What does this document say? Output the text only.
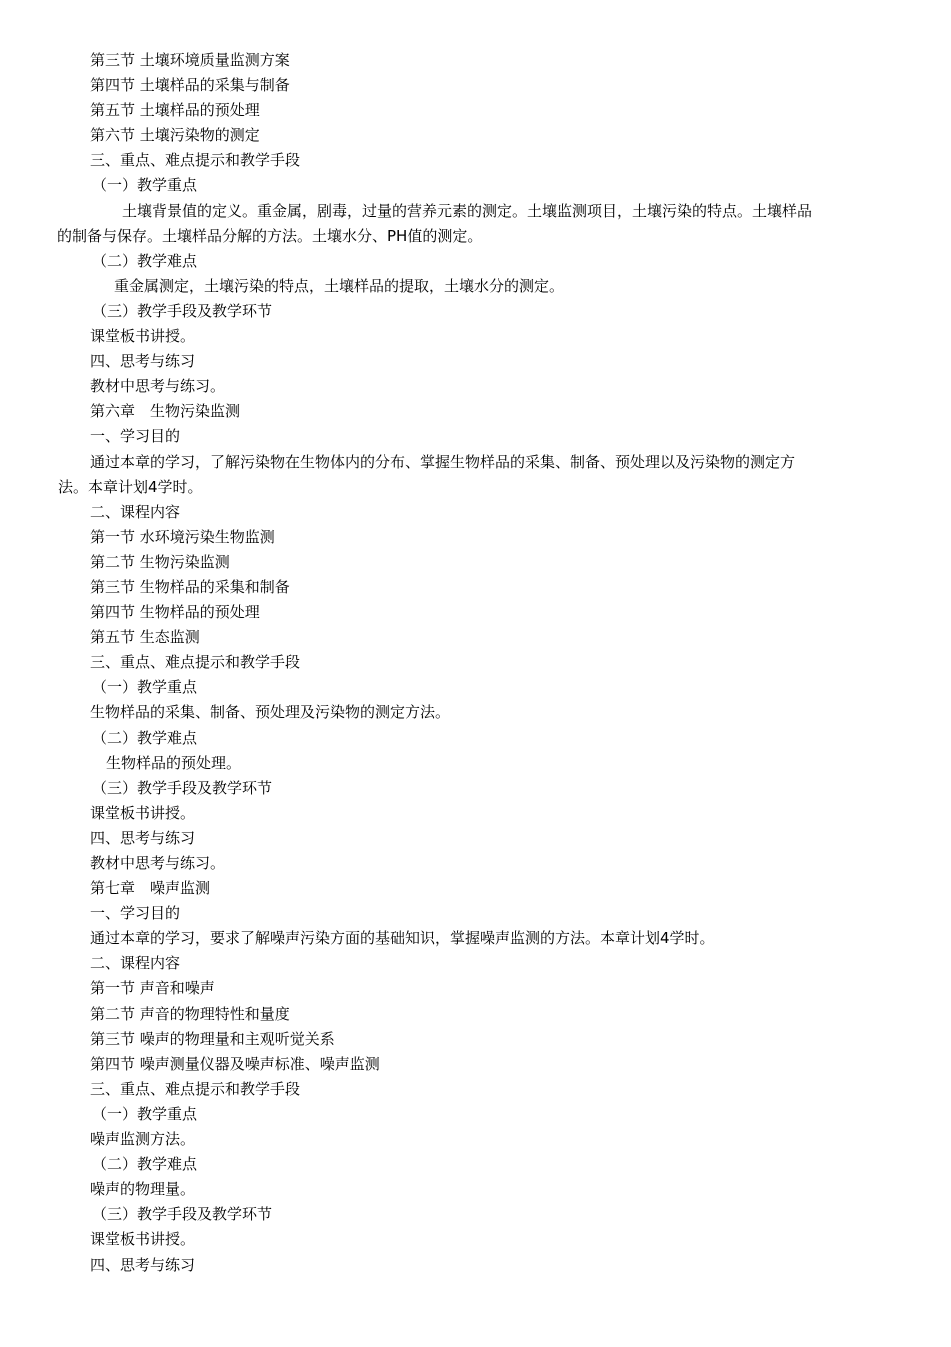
第三节 土壤环境质量监测方案

第四节 土壤样品的采集与制备

第五节 土壤样品的预处理

第六节 土壤污染物的测定

三、重点、难点提示和教学手段

（一）教学重点

土壤背景值的定义。重金属，剧毒，过量的营养元素的测定。土壤监测项目，土壤污染的特点。土壤样品

的制备与保存。土壤样品分解的方法。土壤水分、PH值的测定。

（二）教学难点

重金属测定，土壤污染的特点，土壤样品的提取，土壤水分的测定。

（三）教学手段及教学环节

课堂板书讲授。

四、思考与练习

教材中思考与练习。

第六章　生物污染监测

一、学习目的

通过本章的学习，了解污染物在生物体内的分布、掌握生物样品的采集、制备、预处理以及污染物的测定方

法。本章计划4学时。

二、课程内容

第一节 水环境污染生物监测

第二节 生物污染监测

第三节 生物样品的采集和制备

第四节 生物样品的预处理

第五节 生态监测

三、重点、难点提示和教学手段

（一）教学重点

生物样品的采集、制备、预处理及污染物的测定方法。

（二）教学难点

生物样品的预处理。

（三）教学手段及教学环节

课堂板书讲授。

四、思考与练习

教材中思考与练习。

第七章　噪声监测

一、学习目的

通过本章的学习，要求了解噪声污染方面的基础知识，掌握噪声监测的方法。本章计划4学时。

二、课程内容

第一节 声音和噪声

第二节 声音的物理特性和量度

第三节 噪声的物理量和主观听觉关系

第四节 噪声测量仪器及噪声标准、噪声监测

三、重点、难点提示和教学手段

（一）教学重点

噪声监测方法。

（二）教学难点

噪声的物理量。

（三）教学手段及教学环节

课堂板书讲授。

四、思考与练习
